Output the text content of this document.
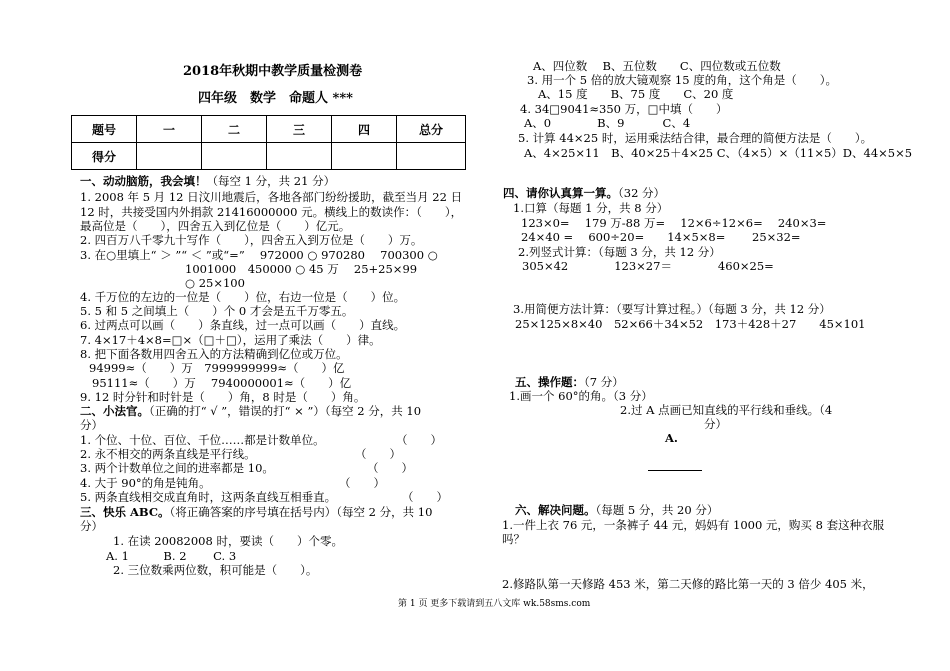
2018年秋期中教学质量检测卷
四年级　数学　命题人 ***
题号	一	二	三	四	总分
得分					
一、动动脑筋，我会填！（每空 1 分，共 21 分）
1. 2008 年 5 月 12 日汶川地震后，各地各部门纷纷援助，截至当月 22 日
12 时，共接受国内外捐款 21416000000 元。横线上的数读作：（　　），
最高位是（　　），四舍五入到亿位是（　　）亿元。
2. 四百万八千零九十写作（　　），四舍五入到万位是（　　）万。
3. 在○里填上“ ＞ ”“ ＜ ”或“=”　 972000 ○ 970280　 700300 ○
1001000　450000 ○ 45 万　 25+25×99
○ 25×100
4. 千万位的左边的一位是（　　）位，右边一位是（　　）位。
5. 5 和 5 之间填上（　　）个 0 才会是五千万零五。
6. 过两点可以画（　　）条直线，过一点可以画（　　）直线。
7. 4×17＋4×8=□×（□＋□），运用了乘法（　　）律。
8. 把下面各数用四舍五入的方法精确到亿位或万位。
94999≈（　　）万　7999999999≈（　　）亿
95111≈（　　）万　 7940000001≈（　　）亿
9. 12 时分针和时针是（　　）角，8 时是（　　）角。
二、小法官。（正确的打“ √ ”，错误的打“ × ”）（每空 2 分，共 10
分）
1. 个位、十位、百位、千位……都是计数单位。	（　　）
2. 永不相交的两条直线是平行线。	（　　）
3. 两个计数单位之间的进率都是 10。	（　　）
4. 大于 90°的角是钝角。	（　　）
5. 两条直线相交成直角时，这两条直线互相垂直。	（　　）
三、快乐 ABC。（将正确答案的序号填在括号内）（每空 2 分，共 10
分）
1. 在读 20082008 时，要读（　　）个零。
A. 1　　　B. 2　　 C. 3
2. 三位数乘两位数，积可能是（　　）。
A、四位数　 B、五位数　　C、四位数或五位数
3. 用一个 5 倍的放大镜观察 15 度的角，这个角是（　　）。
A、15 度　　B、75 度　　C、20 度
4. 34□9041≈350 万，□中填（　　）
A、0　　　　B、9　　　 C、4
5. 计算 44×25 时，运用乘法结合律，最合理的简便方法是（　　）。
A、4×25×11　B、40×25＋4×25 C、（4×5）×（11×5）D、44×5×5
四、请你认真算一算。（32 分）
1.口算（每题 1 分，共 8 分）
123×0=　 179 万-88 万=　 12×6÷12×6=　 240×3=
24×40 =　 600÷20=　　14×5×8=　　 25×32=
2.列竖式计算：（每题 3 分，共 12 分）
305×42　　　　123×27＝　　　　460×25=
3.用简便方法计算：（要写计算过程。）（每题 3 分，共 12 分）
25×125×8×40　52×66＋34×52　173＋428＋27　　45×101
五、操作题：（7 分）
1.画一个 60°的角。（3 分）
2.过 A 点画已知直线的平行线和垂线。（4
分）
A.
六、解决问题。（每题 5 分，共 20 分）
1.一件上衣 76 元，一条裤子 44 元，妈妈有 1000 元，购买 8 套这种衣服
吗？
2.修路队第一天修路 453 米，第二天修的路比第一天的 3 倍少 405 米，
第 1 页 更多下载请到五八文库 wk.58sms.com
